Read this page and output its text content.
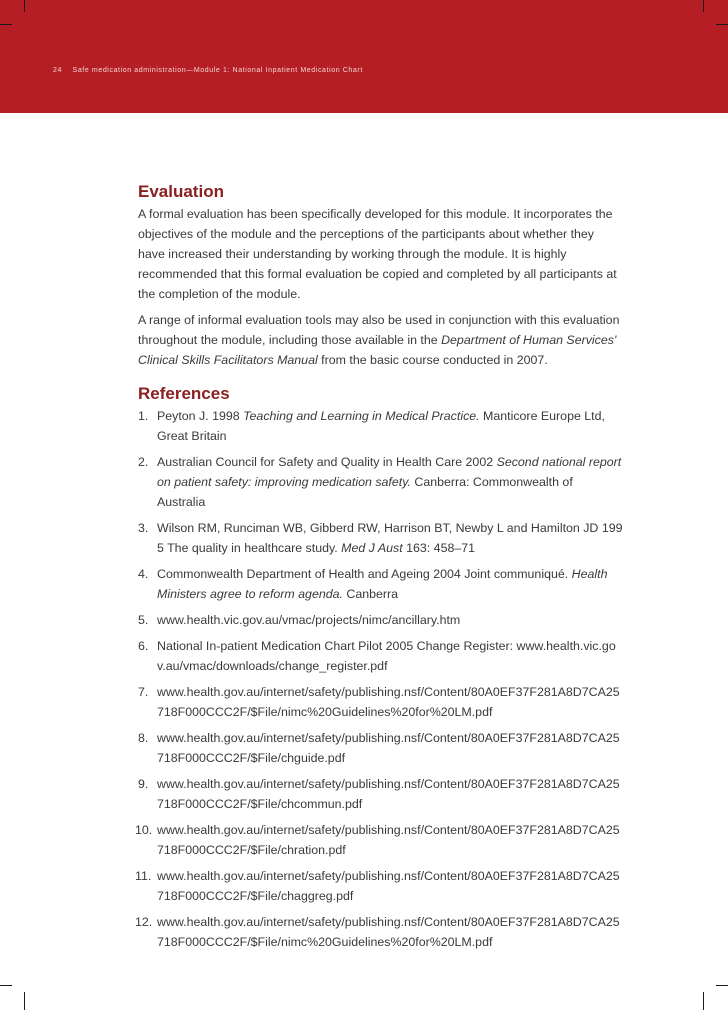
24 Safe medication administration—Module 1: National Inpatient Medication Chart
Evaluation

A formal evaluation has been specifically developed for this module. It incorporates the objectives of the module and the perceptions of the participants about whether they have increased their understanding by working through the module. It is highly recommended that this formal evaluation be copied and completed by all participants at the completion of the module.

A range of informal evaluation tools may also be used in conjunction with this evaluation throughout the module, including those available in the Department of Human Services' Clinical Skills Facilitators Manual from the basic course conducted in 2007.

References
1. Peyton J. 1998 Teaching and Learning in Medical Practice. Manticore Europe Ltd, Great Britain
2. Australian Council for Safety and Quality in Health Care 2002 Second national report on patient safety: improving medication safety. Canberra: Commonwealth of Australia
3. Wilson RM, Runciman WB, Gibberd RW, Harrison BT, Newby L and Hamilton JD 1995 The quality in healthcare study. Med J Aust 163: 458–71
4. Commonwealth Department of Health and Ageing 2004 Joint communiqué. Health Ministers agree to reform agenda. Canberra
5. www.health.vic.gov.au/vmac/projects/nimc/ancillary.htm
6. National In-patient Medication Chart Pilot 2005 Change Register: www.health.vic.gov.au/vmac/downloads/change_register.pdf
7. www.health.gov.au/internet/safety/publishing.nsf/Content/80A0EF37F281A8D7CA25718F000CCC2F/$File/nimc%20Guidelines%20for%20LM.pdf
8. www.health.gov.au/internet/safety/publishing.nsf/Content/80A0EF37F281A8D7CA25718F000CCC2F/$File/chguide.pdf
9. www.health.gov.au/internet/safety/publishing.nsf/Content/80A0EF37F281A8D7CA25718F000CCC2F/$File/chcommun.pdf
10. www.health.gov.au/internet/safety/publishing.nsf/Content/80A0EF37F281A8D7CA25718F000CCC2F/$File/chration.pdf
11. www.health.gov.au/internet/safety/publishing.nsf/Content/80A0EF37F281A8D7CA25718F000CCC2F/$File/chaggreg.pdf
12. www.health.gov.au/internet/safety/publishing.nsf/Content/80A0EF37F281A8D7CA25718F000CCC2F/$File/nimc%20Guidelines%20for%20LM.pdf
